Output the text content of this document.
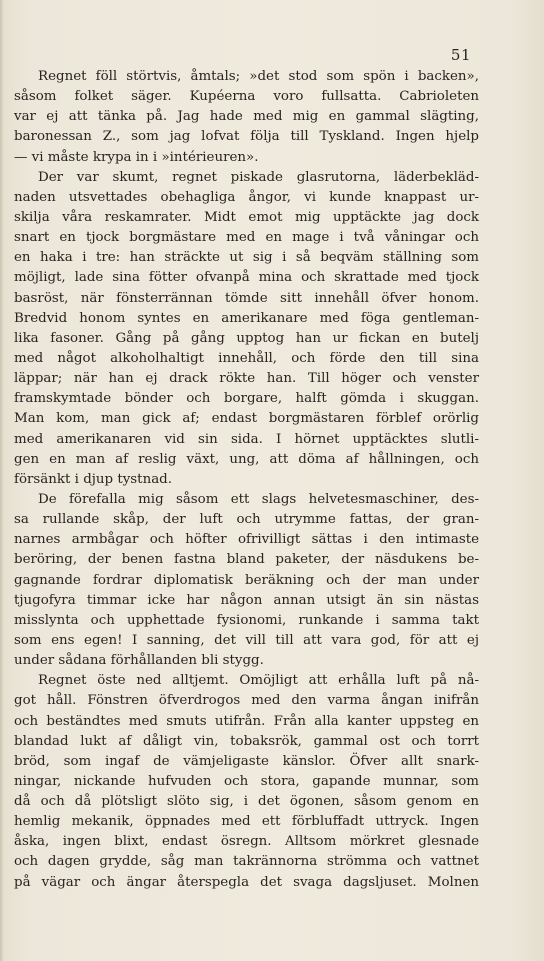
51
Regnet föll störtvis, åmtals; »det stod som spön i backen»,
såsom folket säger. Kupéerna voro fullsatta. Cabrioleten
var ej att tänka på. Jag hade med mig en gammal slägting,
baronessan Z., som jag lofvat följa till Tyskland. Ingen hjelp
— vi måste krypa in i »intérieuren».
Der var skumt, regnet piskade glasrutorna, läderbekläd-
naden utsvettades obehagliga ångor, vi kunde knappast ur-
skilja våra reskamrater. Midt emot mig upptäckte jag dock
snart en tjock borgmästare med en mage i två våningar och
en haka i tre: han sträckte ut sig i så beqväm ställning som
möjligt, lade sina fötter ofvanpå mina och skrattade med tjock
basröst, när fönsterrännan tömde sitt innehåll öfver honom.
Bredvid honom syntes en amerikanare med föga gentleman-
lika fasoner. Gång på gång upptog han ur fickan en butelj
med något alkoholhaltigt innehåll, och förde den till sina
läppar; när han ej drack rökte han. Till höger och venster
framskymtade bönder och borgare, halft gömda i skuggan.
Man kom, man gick af; endast borgmästaren förblef orörlig
med amerikanaren vid sin sida. I hörnet upptäcktes slutli-
gen en man af reslig växt, ung, att döma af hållningen, och
försänkt i djup tystnad.
De förefalla mig såsom ett slags helvetesmaschiner, des-
sa rullande skåp, der luft och utrymme fattas, der gran-
narnes armbågar och höfter ofrivilligt sättas i den intimaste
beröring, der benen fastna bland paketer, der näsdukens be-
gagnande fordrar diplomatisk beräkning och der man under
tjugofyra timmar icke har någon annan utsigt än sin nästas
misslynta och upphettade fysionomi, runkande i samma takt
som ens egen! I sanning, det vill till att vara god, för att ej
under sådana förhållanden bli stygg.
Regnet öste ned alltjemt. Omöjligt att erhålla luft på nå-
got håll. Fönstren öfverdrogos med den varma ångan inifrån
och beständtes med smuts utifrån. Från alla kanter uppsteg en
blandad lukt af dåligt vin, tobaksrök, gammal ost och torrt
bröd, som ingaf de vämjeligaste känslor. Öfver allt snark-
ningar, nickande hufvuden och stora, gapande munnar, som
då och då plötsligt slöto sig, i det ögonen, såsom genom en
hemlig mekanik, öppnades med ett förbluffadt uttryck. Ingen
åska, ingen blixt, endast ösregn. Alltsom mörkret glesnade
och dagen grydde, såg man takrännorna strömma och vattnet
på vägar och ängar återspegla det svaga dagsljuset. Molnen
